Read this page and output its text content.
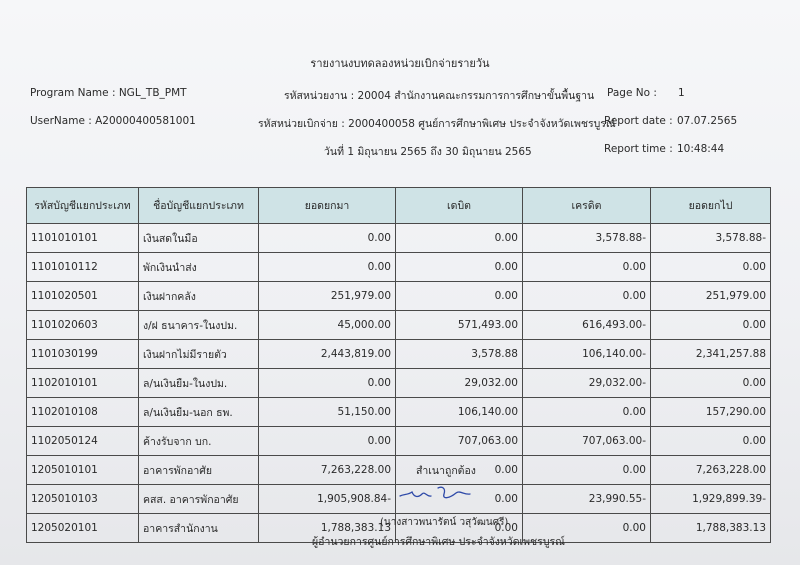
รายงานงบทดลองหน่วยเบิกจ่ายรายวัน
Program Name : NGL_TB_PMT
UserName : A20000400581001
รหัสหน่วยงาน : 20004 สำนักงานคณะกรรมการการศึกษาขั้นพื้นฐาน
รหัสหน่วยเบิกจ่าย : 2000400058 ศูนย์การศึกษาพิเศษ ประจำจังหวัดเพชรบูรณ์
วันที่ 1 มิถุนายน 2565 ถึง 30 มิถุนายน 2565
Page No : 1
Report date : 07.07.2565
Report time : 10:48:44
รหัสบัญชีแยกประเภท	ชื่อบัญชีแยกประเภท	ยอดยกมา	เดบิต	เครดิต	ยอดยกไป
1101010101	เงินสดในมือ	0.00	0.00	3,578.88-	3,578.88-
1101010112	พักเงินนำส่ง	0.00	0.00	0.00	0.00
1101020501	เงินฝากคลัง	251,979.00	0.00	0.00	251,979.00
1101020603	ง/ฝ ธนาคาร-ในงปม.	45,000.00	571,493.00	616,493.00-	0.00
1101030199	เงินฝากไม่มีรายตัว	2,443,819.00	3,578.88	106,140.00-	2,341,257.88
1102010101	ล/นเงินยืม-ในงปม.	0.00	29,032.00	29,032.00-	0.00
1102010108	ล/นเงินยืม-นอก ธพ.	51,150.00	106,140.00	0.00	157,290.00
1102050124	ค้างรับจาก บก.	0.00	707,063.00	707,063.00-	0.00
1205010101	อาคารพักอาศัย	7,263,228.00	0.00	0.00	7,263,228.00
1205010103	คสส. อาคารพักอาศัย	1,905,908.84-	0.00	23,990.55-	1,929,899.39-
1205020101	อาคารสำนักงาน	1,788,383.13	0.00	0.00	1,788,383.13
สำเนาถูกต้อง
(นางสาวพนารัตน์ วสุวัฒนศรี)
ผู้อำนวยการศูนย์การศึกษาพิเศษ ประจำจังหวัดเพชรบูรณ์
